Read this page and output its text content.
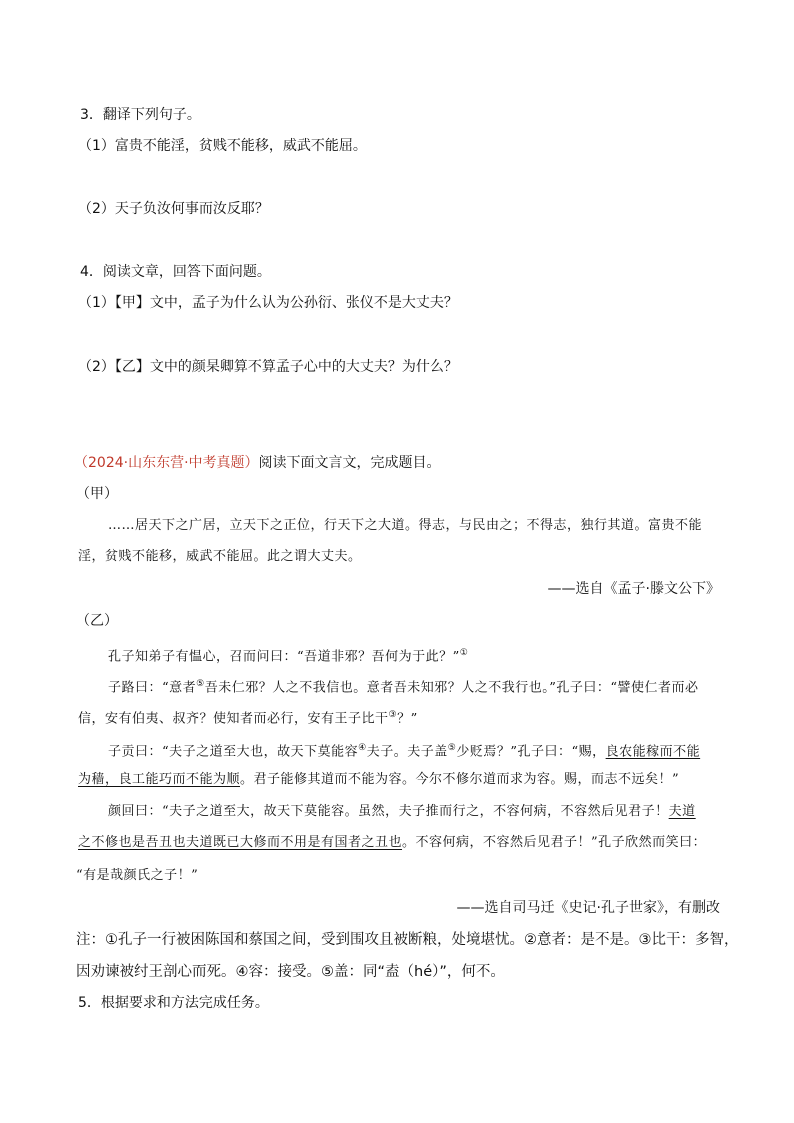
3．翻译下列句子。
（1）富贵不能淫，贫贱不能移，威武不能屈。
（2）天子负汝何事而汝反耶？
4．阅读文章，回答下面问题。
（1）【甲】文中，孟子为什么认为公孙衍、张仪不是大丈夫？
（2）【乙】文中的颜杲卿算不算孟子心中的大丈夫？为什么？
（2024·山东东营·中考真题）阅读下面文言文，完成题目。
（甲）
……居天下之广居，立天下之正位，行天下之大道。得志，与民由之；不得志，独行其道。富贵不能
淫，贫贱不能移，威武不能屈。此之谓大丈夫。
——选自《孟子·滕文公下》
（乙）
孔子知弟子有愠心，召而问曰：“吾道非邪？吾何为于此？”①
子路曰：“意者⑤吾未仁邪？人之不我信也。意者吾未知邪？人之不我行也。”孔子曰：“譬使仁者而必
信，安有伯夷、叔齐？使知者而必行，安有王子比干③？”
子贡曰：“夫子之道至大也，故天下莫能容④夫子。夫子盖⑤少贬焉？”孔子曰：“赐，良农能稼而不能
为穑，良工能巧而不能为顺。君子能修其道而不能为容。今尔不修尔道而求为容。赐，而志不远矣！”
颜回曰：“夫子之道至大，故天下莫能容。虽然，夫子推而行之，不容何病，不容然后见君子！夫道
之不修也是吾丑也夫道既已大修而不用是有国者之丑也。不容何病，不容然后见君子！”孔子欣然而笑曰：
“有是哉颜氏之子！”
——选自司马迁《史记·孔子世家》，有删改
注：①孔子一行被困陈国和蔡国之间，受到围攻且被断粮，处境堪忧。②意者：是不是。③比干：多智，
因劝谏被纣王剖心而死。④容：接受。⑤盖：同“盍（hé）”，何不。
5．根据要求和方法完成任务。
